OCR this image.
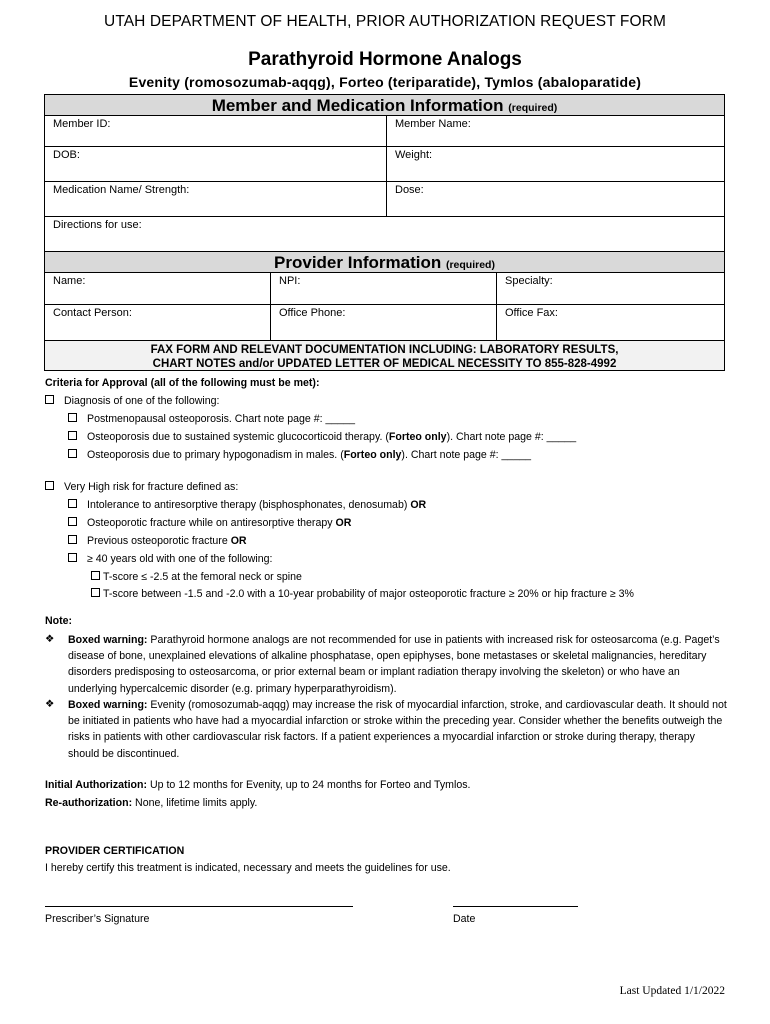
UTAH DEPARTMENT OF HEALTH, PRIOR AUTHORIZATION REQUEST FORM
Parathyroid Hormone Analogs
Evenity (romosozumab-aqqg), Forteo (teriparatide), Tymlos (abaloparatide)
Member and Medication Information (required)
Member ID:	Member Name:
DOB:	Weight:
Medication Name/ Strength:	Dose:
Directions for use:
Provider Information (required)
Name:	NPI:	Specialty:
Contact Person:	Office Phone:	Office Fax:
FAX FORM AND RELEVANT DOCUMENTATION INCLUDING: LABORATORY RESULTS,
CHART NOTES and/or UPDATED LETTER OF MEDICAL NECESSITY TO 855-828-4992
Criteria for Approval (all of the following must be met):
Diagnosis of one of the following:
Postmenopausal osteoporosis. Chart note page #: _____
Osteoporosis due to sustained systemic glucocorticoid therapy. (Forteo only). Chart note page #: _____
Osteoporosis due to primary hypogonadism in males. (Forteo only). Chart note page #: _____
Very High risk for fracture defined as:
Intolerance to antiresorptive therapy (bisphosphonates, denosumab) OR
Osteoporotic fracture while on antiresorptive therapy OR
Previous osteoporotic fracture OR
≥ 40 years old with one of the following:
T-score ≤ -2.5 at the femoral neck or spine
T-score between -1.5 and -2.0 with a 10-year probability of major osteoporotic fracture ≥ 20% or hip fracture ≥ 3%
Note:
❖ Boxed warning: Parathyroid hormone analogs are not recommended for use in patients with increased risk for osteosarcoma (e.g. Paget’s disease of bone, unexplained elevations of alkaline phosphatase, open epiphyses, bone metastases or skeletal malignancies, hereditary disorders predisposing to osteosarcoma, or prior external beam or implant radiation therapy involving the skeleton) or who have an underlying hypercalcemic disorder (e.g. primary hyperparathyroidism).
❖ Boxed warning: Evenity (romosozumab-aqqg) may increase the risk of myocardial infarction, stroke, and cardiovascular death. It should not be initiated in patients who have had a myocardial infarction or stroke within the preceding year. Consider whether the benefits outweigh the risks in patients with other cardiovascular risk factors. If a patient experiences a myocardial infarction or stroke during therapy, therapy should be discontinued.
Initial Authorization: Up to 12 months for Evenity, up to 24 months for Forteo and Tymlos.
Re-authorization: None, lifetime limits apply.
PROVIDER CERTIFICATION
I hereby certify this treatment is indicated, necessary and meets the guidelines for use.
Prescriber’s Signature	Date
Last Updated 1/1/2022
